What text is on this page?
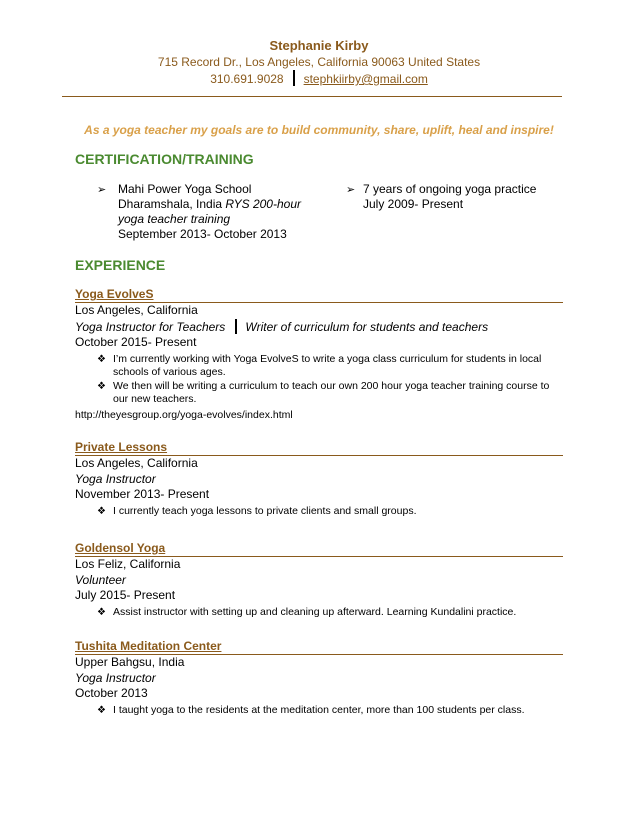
Stephanie Kirby
715 Record Dr., Los Angeles, California 90063 United States
310.691.9028 stephkiirby@gmail.com
As a yoga teacher my goals are to build community, share, uplift, heal and inspire!
CERTIFICATION/TRAINING
➢ Mahi Power Yoga School
Dharamshala, India RYS 200-hour
yoga teacher training
September 2013- October 2013
➢ 7 years of ongoing yoga practice
July 2009- Present
EXPERIENCE
Yoga EvolveS
Los Angeles, California
Yoga Instructor for Teachers Writer of curriculum for students and teachers
October 2015- Present
❖ I’m currently working with Yoga EvolveS to write a yoga class curriculum for students in local schools of various ages.
❖ We then will be writing a curriculum to teach our own 200 hour yoga teacher training course to our new teachers.
http://theyesgroup.org/yoga-evolves/index.html
Private Lessons
Los Angeles, California
Yoga Instructor
November 2013- Present
❖ I currently teach yoga lessons to private clients and small groups.
Goldensol Yoga
Los Feliz, California
Volunteer
July 2015- Present
❖ Assist instructor with setting up and cleaning up afterward. Learning Kundalini practice.
Tushita Meditation Center
Upper Bahgsu, India
Yoga Instructor
October 2013
❖ I taught yoga to the residents at the meditation center, more than 100 students per class.
